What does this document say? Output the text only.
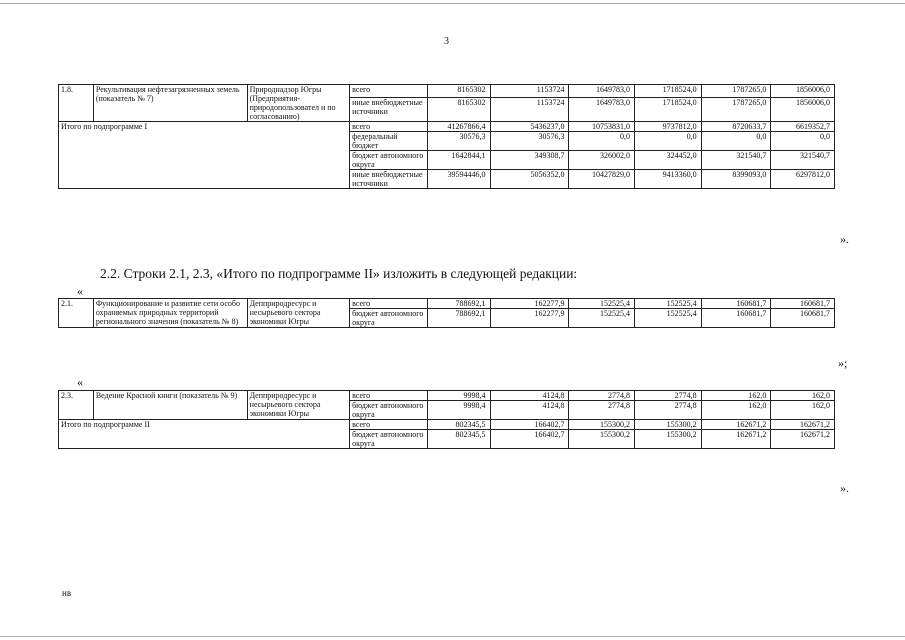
3
1.8.	Рекультивация нефтезагрязненных земель (показатель № 7)	Природнадзор Югры (Предприятия-природопользовател и по согласованию)	всего	8165302	1153724	1649783,0	1718524,0	1787265,0	1856006,0
			иные внебюджетные источники	8165302	1153724	1649783,0	1718524,0	1787265,0	1856006,0
Итого по подпрограмме I			всего	41267866,4	5436237,0	10753831,0	9737812,0	8720633,7	6619352,7
			федеральный бюджет	30576,3	30576,3	0,0	0,0	0,0	0,0
			бюджет автономного округа	1642844,1	349308,7	326002,0	324452,0	321540,7	321540,7
			иные внебюджетные источники	39594446,0	5056352,0	10427829,0	9413360,0	8399093,0	6297812,0
».
2.2. Строки 2.1, 2.3, «Итого по подпрограмме II» изложить в следующей редакции:
«
2.1.	Функционирование и развитие сети особо охраняемых природных территорий регионального значения (показатель № 8)	Депприродресурс и несырьевого сектора экономики Югры	всего	788692,1	162277,9	152525,4	152525,4	160681,7	160681,7
			бюджет автономного округа	788692,1	162277,9	152525,4	152525,4	160681,7	160681,7
»;
«
2.3.	Ведение Красной книги (показатель № 9)	Депприродресурс и несырьевого сектора экономики Югры	всего	9998,4	4124,8	2774,8	2774,8	162,0	162,0
			бюджет автономного округа	9998,4	4124,8	2774,8	2774,8	162,0	162,0
Итого по подпрограмме II			всего	802345,5	166402,7	155300,2	155300,2	162671,2	162671,2
			бюджет автономного округа	802345,5	166402,7	155300,2	155300,2	162671,2	162671,2
».
нв
